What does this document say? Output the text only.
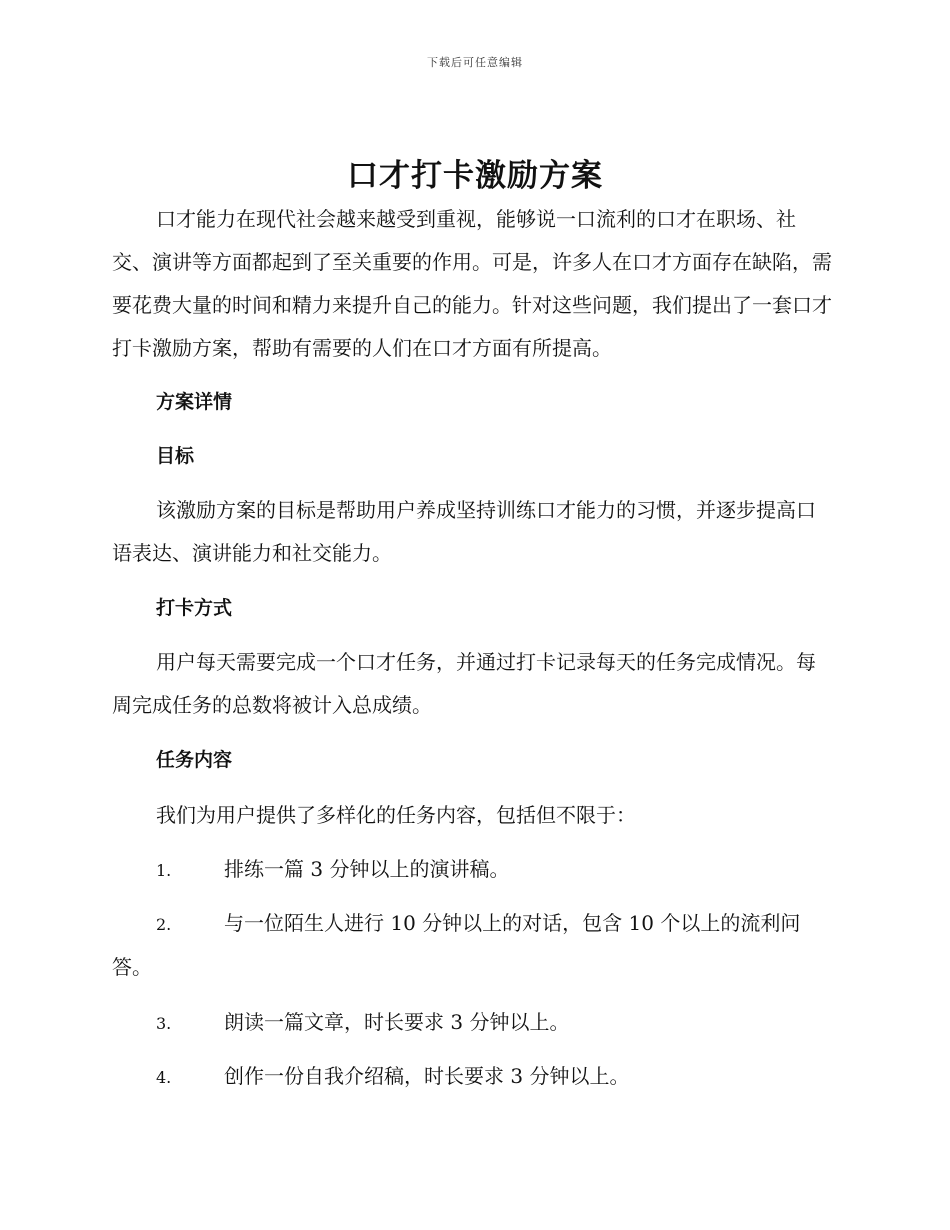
下载后可任意编辑
口才打卡激励方案

口才能力在现代社会越来越受到重视，能够说一口流利的口才在职场、社交、演讲等方面都起到了至关重要的作用。可是，许多人在口才方面存在缺陷，需要花费大量的时间和精力来提升自己的能力。针对这些问题，我们提出了一套口才打卡激励方案，帮助有需要的人们在口才方面有所提高。

方案详情
目标

该激励方案的目标是帮助用户养成坚持训练口才能力的习惯，并逐步提高口语表达、演讲能力和社交能力。

打卡方式

用户每天需要完成一个口才任务，并通过打卡记录每天的任务完成情况。每周完成任务的总数将被计入总成绩。

任务内容

我们为用户提供了多样化的任务内容，包括但不限于：

1.	排练一篇 3 分钟以上的演讲稿。

2.	与一位陌生人进行 10 分钟以上的对话，包含 10 个以上的流利问答。

3.	朗读一篇文章，时长要求 3 分钟以上。

4.	创作一份自我介绍稿，时长要求 3 分钟以上。
